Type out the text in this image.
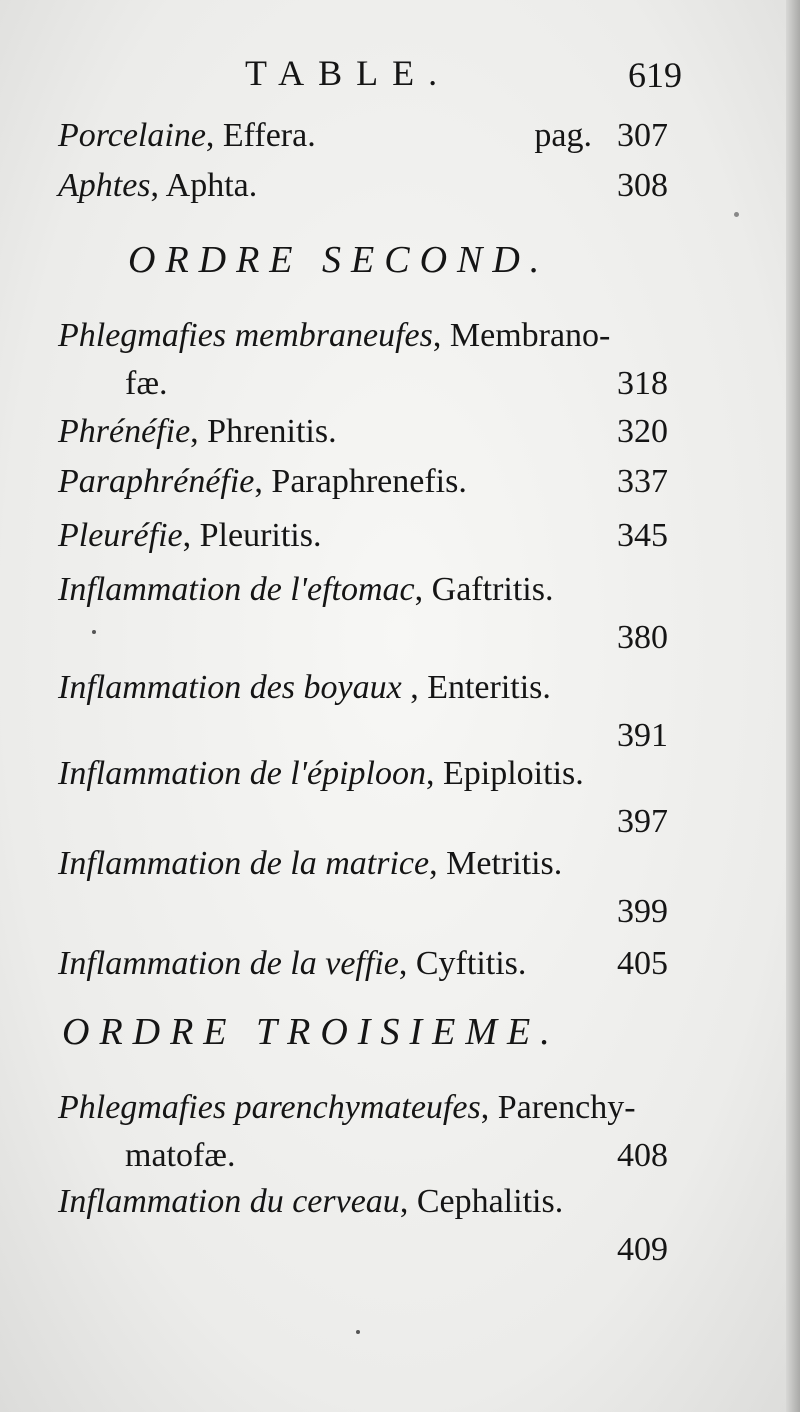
TABLE.	619
Porcelaine, Effera.	pag. 307
Aphtes, Aphta.	308
ORDRE SECOND.
Phlegmafies membraneufes, Membrano-
fæ.	318
Phrénéfie, Phrenitis.	320
Paraphrénéfie, Paraphrenefis.	337
Pleuréfie, Pleuritis.	345
Inflammation de l'eftomac, Gaftritis.
380
Inflammation des boyaux , Enteritis.
391
Inflammation de l'épiploon, Epiploitis.
397
Inflammation de la matrice, Metritis.
399
Inflammation de la veffie, Cyftitis.	405
ORDRE TROISIEME.
Phlegmafies parenchymateufes, Parenchy-
matofæ.	408
Inflammation du cerveau, Cephalitis.
409
